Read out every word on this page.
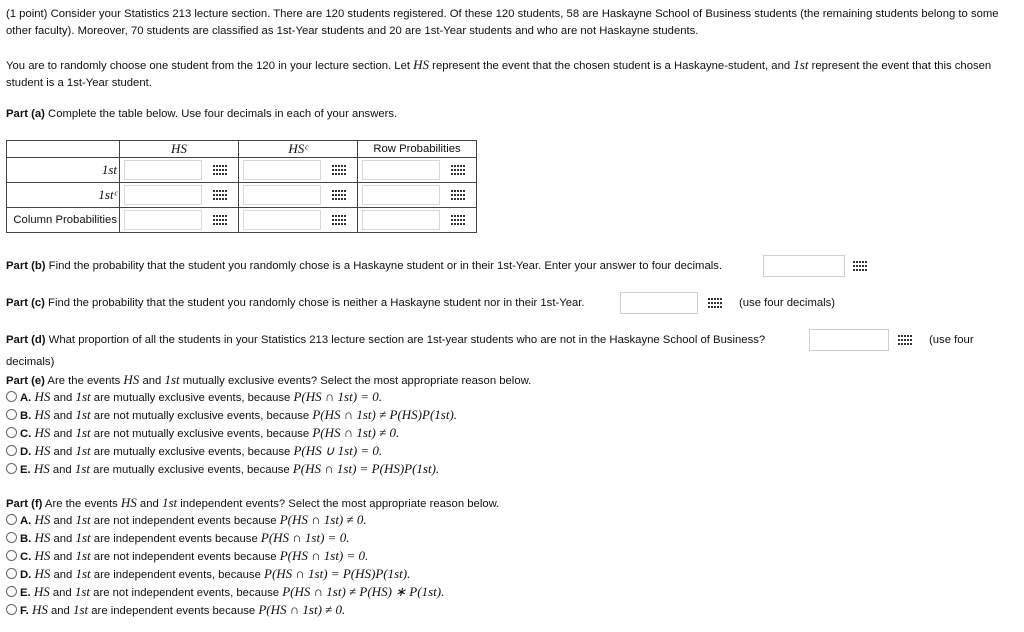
(1 point) Consider your Statistics 213 lecture section. There are 120 students registered. Of these 120 students, 58 are Haskayne School of Business students (the remaining students belong to some other faculty). Moreover, 70 students are classified as 1st-Year students and 20 are 1st-Year students and who are not Haskayne students.
You are to randomly choose one student from the 120 in your lecture section. Let HS represent the event that the chosen student is a Haskayne-student, and 1st represent the event that this chosen student is a 1st-Year student.
Part (a) Complete the table below. Use four decimals in each of your answers.
	HS	HSᶜ	Row Probabilities
1st	

1stᶜ	

Column Probabilities	

Part (b) Find the probability that the student you randomly chose is a Haskayne student or in their 1st-Year. Enter your answer to four decimals.
Part (c) Find the probability that the student you randomly chose is neither a Haskayne student nor in their 1st-Year.	(use four decimals)
Part (d) What proportion of all the students in your Statistics 213 lecture section are 1st-year students who are not in the Haskayne School of Business?	(use four
decimals)
Part (e) Are the events HS and 1st mutually exclusive events? Select the most appropriate reason below.
A. HS and 1st are mutually exclusive events, because P(HS ∩ 1st) = 0.
B. HS and 1st are not mutually exclusive events, because P(HS ∩ 1st) ≠ P(HS)P(1st).
C. HS and 1st are not mutually exclusive events, because P(HS ∩ 1st) ≠ 0.
D. HS and 1st are mutually exclusive events, because P(HS ∪ 1st) = 0.
E. HS and 1st are mutually exclusive events, because P(HS ∩ 1st) = P(HS)P(1st).
Part (f) Are the events HS and 1st independent events? Select the most appropriate reason below.
A. HS and 1st are not independent events because P(HS ∩ 1st) ≠ 0.
B. HS and 1st are independent events because P(HS ∩ 1st) = 0.
C. HS and 1st are not independent events because P(HS ∩ 1st) = 0.
D. HS and 1st are independent events, because P(HS ∩ 1st) = P(HS)P(1st).
E. HS and 1st are not independent events, because P(HS ∩ 1st) ≠ P(HS) ∗ P(1st).
F. HS and 1st are independent events because P(HS ∩ 1st) ≠ 0.
